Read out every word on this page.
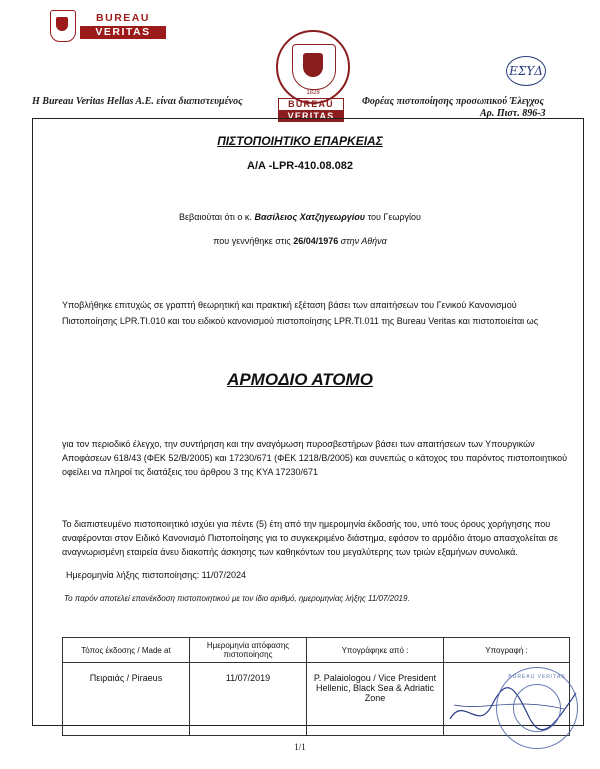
BUREAU
VERITAS
1828
BUREAU
VERITAS
ΕΣΥΔ
Η Bureau Veritas Hellas A.E. είναι διαπιστευμένος	Φορέας πιστοποίησης προσωπικού Έλεγχος
Αρ. Πιστ. 896-3
ΠΙΣΤΟΠΟΙΗΤΙΚΟ ΕΠΑΡΚΕΙΑΣ
A/A -LPR-410.08.082
Βεβαιούται ότι ο κ. Βασίλειος Χατζηγεωργίου του Γεωργίου
που γεννήθηκε στις 26/04/1976 στην Αθήνα
Υποβλήθηκε επιτυχώς σε γραπτή θεωρητική και πρακτική εξέταση βάσει των απαιτήσεων του Γενικού Κανονισμού Πιστοποίησης LPR.TI.010 και του ειδικού κανονισμού πιστοποίησης LPR.TI.011 της Bureau Veritas και πιστοποιείται ως
ΑΡΜΟΔΙΟ ΑΤΟΜΟ
για τον περιοδικό έλεγχο, την συντήρηση και την αναγόμωση πυροσβεστήρων βάσει των απαιτήσεων των Υπουργικών Αποφάσεων 618/43 (ΦΕΚ 52/Β/2005) και 17230/671 (ΦΕΚ 1218/Β/2005) και συνεπώς ο κάτοχος του παρόντος πιστοποιητικού οφείλει να πληροί τις διατάξεις του άρθρου 3 της ΚΥΑ 17230/671
Το διαπιστευμένο πιστοποιητικό ισχύει για πέντε (5) έτη από την ημερομηνία έκδοσής του, υπό τους όρους χορήγησης που αναφέρονται στον Ειδικό Κανονισμό Πιστοποίησης για το συγκεκριμένο διάστημα, εφόσον το αρμόδιο άτομο απασχολείται σε αναγνωρισμένη εταιρεία άνευ διακοπής άσκησης των καθηκόντων του μεγαλύτερης των τριών εξαμήνων συνολικά.
Ημερομηνία λήξης πιστοποίησης: 11/07/2024
Το παρόν αποτελεί επανέκδοση πιστοποιητικού με τον ίδιο αριθμό, ημερομηνίας λήξης 11/07/2019.
Τόπος έκδοσης / Made at	Ημερομηνία απόφασης πιστοποίησης	Υπογράφηκε από :	Υπογραφή :
Πειραιάς / Piraeus	11/07/2019	P. Palaiologou / Vice President Hellenic, Black Sea & Adriatic Zone	BUREAU VERITAS
1/1
